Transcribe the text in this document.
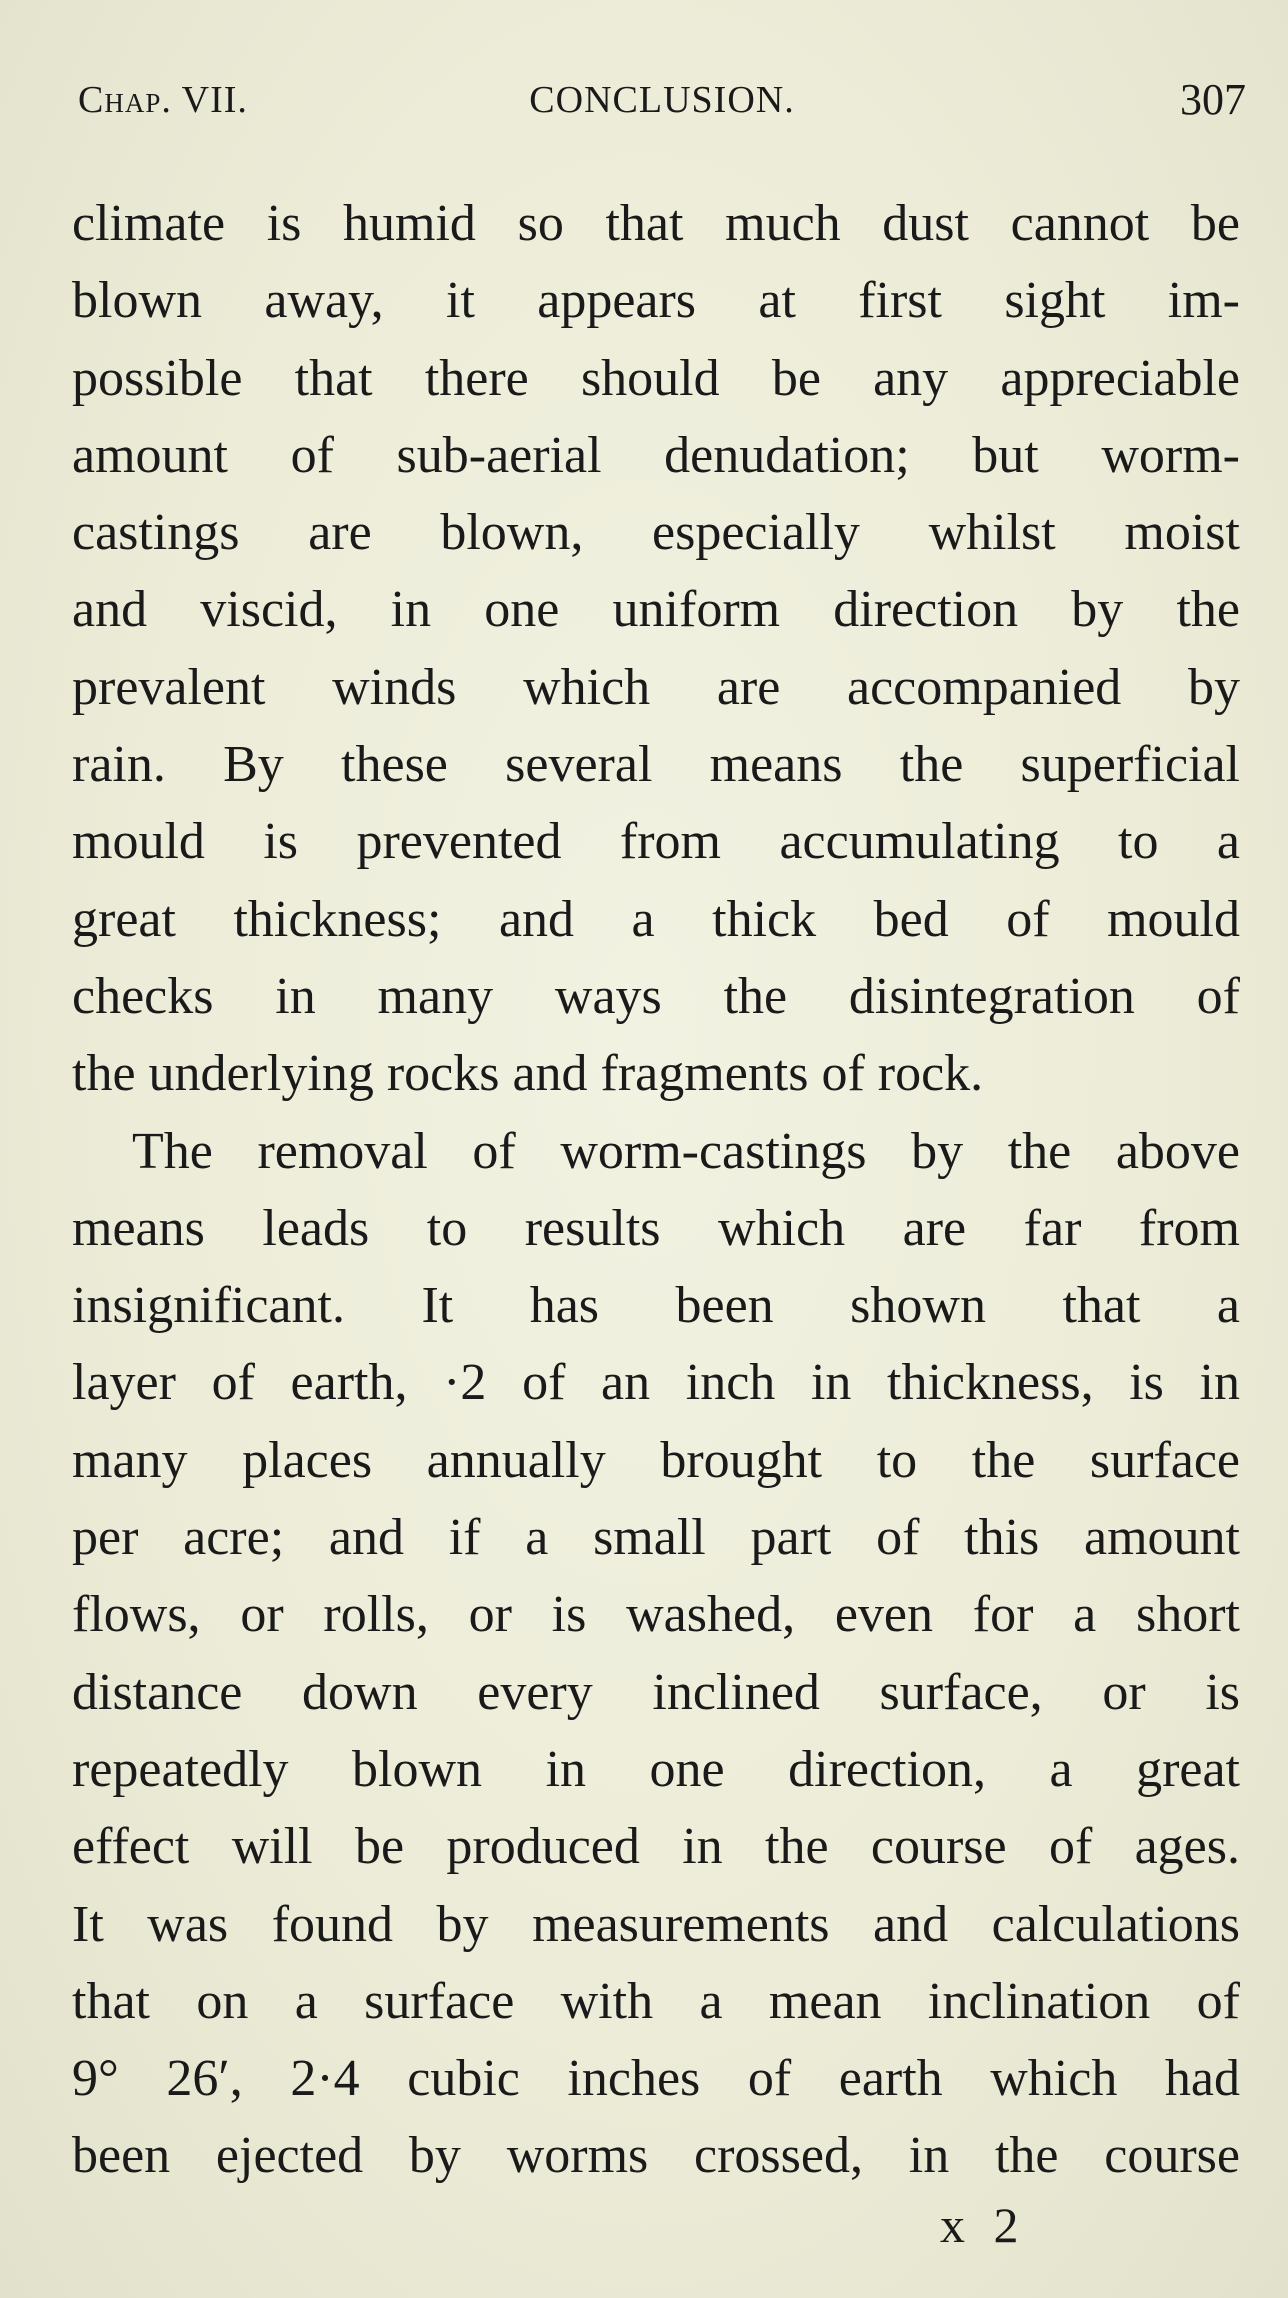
Chap. VII.	CONCLUSION.	307
climate is humid so that much dust cannot be
blown away, it appears at first sight im-
possible that there should be any appreciable
amount of sub-aerial denudation; but worm-
castings are blown, especially whilst moist
and viscid, in one uniform direction by the
prevalent winds which are accompanied by
rain. By these several means the superficial
mould is prevented from accumulating to a
great thickness; and a thick bed of mould
checks in many ways the disintegration of
the underlying rocks and fragments of rock.
The removal of worm-castings by the above
means leads to results which are far from
insignificant. It has been shown that a
layer of earth, ·2 of an inch in thickness, is in
many places annually brought to the surface
per acre; and if a small part of this amount
flows, or rolls, or is washed, even for a short
distance down every inclined surface, or is
repeatedly blown in one direction, a great
effect will be produced in the course of ages.
It was found by measurements and calculations
that on a surface with a mean inclination of
9° 26′, 2·4 cubic inches of earth which had
been ejected by worms crossed, in the course
x 2
